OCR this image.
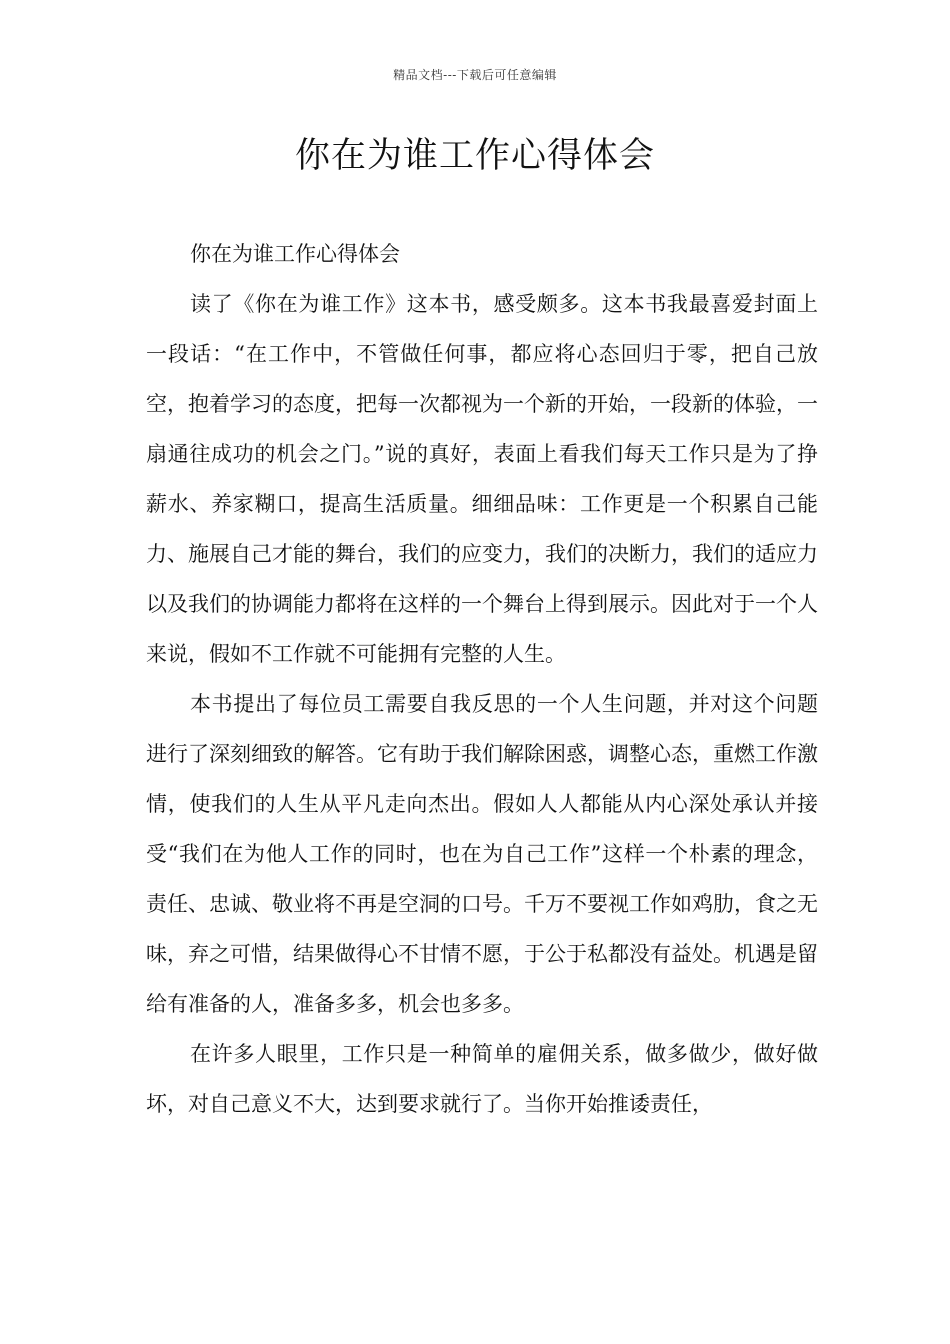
精品文档---下载后可任意编辑
你在为谁工作心得体会

你在为谁工作心得体会

读了《你在为谁工作》这本书，感受颇多。这本书我最喜爱封面上一段话：“在工作中，不管做任何事，都应将心态回归于零，把自己放空，抱着学习的态度，把每一次都视为一个新的开始，一段新的体验，一扇通往成功的机会之门。”说的真好，表面上看我们每天工作只是为了挣薪水、养家糊口，提高生活质量。细细品味：工作更是一个积累自己能力、施展自己才能的舞台，我们的应变力，我们的决断力，我们的适应力以及我们的协调能力都将在这样的一个舞台上得到展示。因此对于一个人来说，假如不工作就不可能拥有完整的人生。

本书提出了每位员工需要自我反思的一个人生问题，并对这个问题进行了深刻细致的解答。它有助于我们解除困惑，调整心态，重燃工作激情，使我们的人生从平凡走向杰出。假如人人都能从内心深处承认并接受“我们在为他人工作的同时，也在为自己工作”这样一个朴素的理念，责任、忠诚、敬业将不再是空洞的口号。千万不要视工作如鸡肋，食之无味，弃之可惜，结果做得心不甘情不愿，于公于私都没有益处。机遇是留给有准备的人，准备多多，机会也多多。

在许多人眼里，工作只是一种简单的雇佣关系，做多做少，做好做坏，对自己意义不大，达到要求就行了。当你开始推诿责任，
